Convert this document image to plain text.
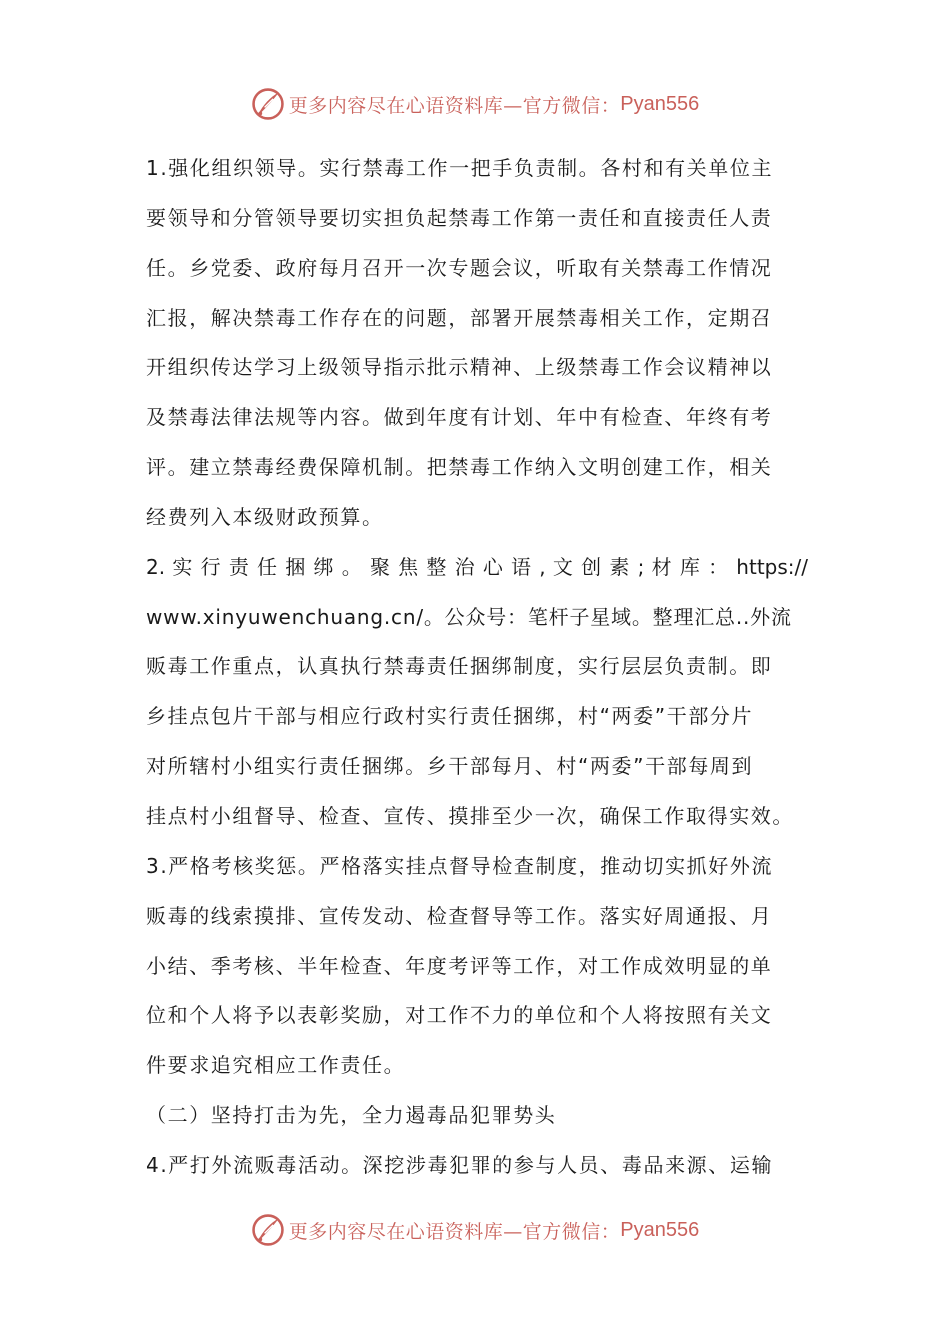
更多内容尽在心语资料库—官方微信： Pyan556
1.强化组织领导。实行禁毒工作一把手负责制。各村和有关单位主
要领导和分管领导要切实担负起禁毒工作第一责任和直接责任人责
任。乡党委、政府每月召开一次专题会议，听取有关禁毒工作情况
汇报，解决禁毒工作存在的问题，部署开展禁毒相关工作，定期召
开组织传达学习上级领导指示批示精神、上级禁毒工作会议精神以
及禁毒法律法规等内容。做到年度有计划、年中有检查、年终有考
评。建立禁毒经费保障机制。把禁毒工作纳入文明创建工作，相关
经费列入本级财政预算。
2. 实 行 责 任 捆 绑 。 聚 焦 整 治 心 语 , 文 创 素 ; 材 库 ： https://
www.xinyuwenchuang.cn/。公众号：笔杆子星域。整理汇总..外流
贩毒工作重点，认真执行禁毒责任捆绑制度，实行层层负责制。即
乡挂点包片干部与相应行政村实行责任捆绑，村“两委”干部分片
对所辖村小组实行责任捆绑。乡干部每月、村“两委”干部每周到
挂点村小组督导、检查、宣传、摸排至少一次，确保工作取得实效。
3.严格考核奖惩。严格落实挂点督导检查制度，推动切实抓好外流
贩毒的线索摸排、宣传发动、检查督导等工作。落实好周通报、月
小结、季考核、半年检查、年度考评等工作，对工作成效明显的单
位和个人将予以表彰奖励，对工作不力的单位和个人将按照有关文
件要求追究相应工作责任。
（二）坚持打击为先，全力遏毒品犯罪势头
4.严打外流贩毒活动。深挖涉毒犯罪的参与人员、毒品来源、运输
更多内容尽在心语资料库—官方微信： Pyan556
